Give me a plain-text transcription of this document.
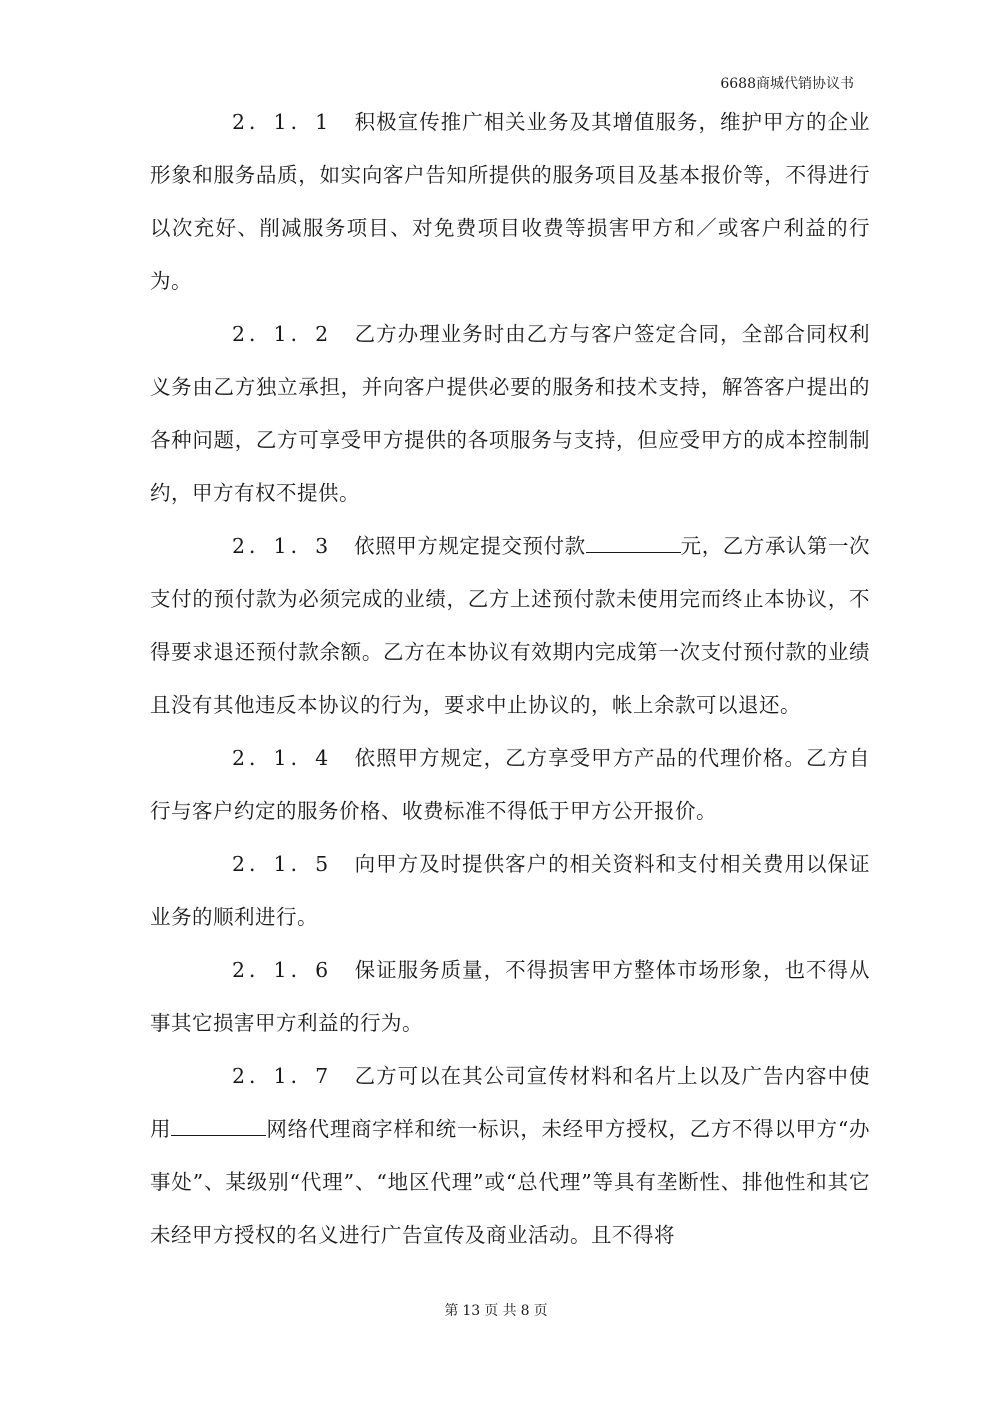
6688商城代销协议书

2．1．1 积极宣传推广相关业务及其增值服务，维护甲方的企业形象和服务品质，如实向客户告知所提供的服务项目及基本报价等，不得进行以次充好、削减服务项目、对免费项目收费等损害甲方和／或客户利益的行为。

2．1．2 乙方办理业务时由乙方与客户签定合同，全部合同权利义务由乙方独立承担，并向客户提供必要的服务和技术支持，解答客户提出的各种问题，乙方可享受甲方提供的各项服务与支持，但应受甲方的成本控制制约，甲方有权不提供。

2．1．3 依照甲方规定提交预付款	元，乙方承认第一次支付的预付款为必须完成的业绩，乙方上述预付款未使用完而终止本协议，不得要求退还预付款余额。乙方在本协议有效期内完成第一次支付预付款的业绩且没有其他违反本协议的行为，要求中止协议的，帐上余款可以退还。

2．1．4 依照甲方规定，乙方享受甲方产品的代理价格。乙方自行与客户约定的服务价格、收费标准不得低于甲方公开报价。

2．1．5 向甲方及时提供客户的相关资料和支付相关费用以保证业务的顺利进行。

2．1．6 保证服务质量，不得损害甲方整体市场形象，也不得从事其它损害甲方利益的行为。

2．1．7 乙方可以在其公司宣传材料和名片上以及广告内容中使用	网络代理商字样和统一标识，未经甲方授权，乙方不得以甲方“办事处”、某级别“代理”、“地区代理”或“总代理”等具有垄断性、排他性和其它未经甲方授权的名义进行广告宣传及商业活动。且不得将

第 13 页 共 8 页
